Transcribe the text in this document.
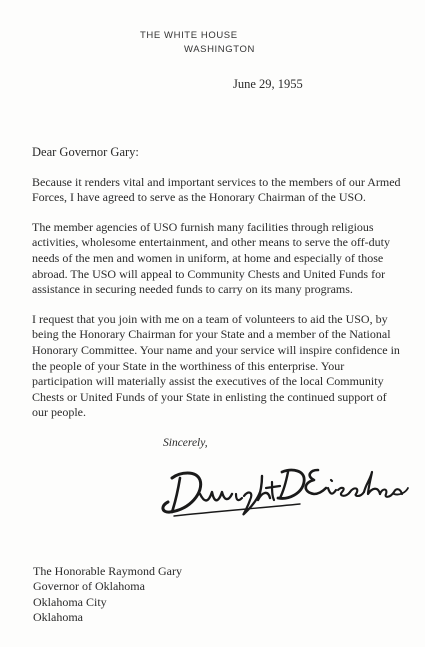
THE WHITE HOUSE
WASHINGTON
June 29, 1955

Dear Governor Gary:

Because it renders vital and important services to the members of our Armed Forces, I have agreed to serve as the Honorary Chairman of the USO.

The member agencies of USO furnish many facilities through religious activities, wholesome entertainment, and other means to serve the off-duty needs of the men and women in uniform, at home and especially of those abroad. The USO will appeal to Community Chests and United Funds for assistance in securing needed funds to carry on its many programs.

I request that you join with me on a team of volunteers to aid the USO, by being the Honorary Chairman for your State and a member of the National Honorary Committee. Your name and your service will inspire confidence in the people of your State in the worthiness of this enterprise. Your participation will materially assist the executives of the local Community Chests or United Funds of your State in enlisting the continued support of our people.

Sincerely,
The Honorable Raymond Gary
Governor of Oklahoma
Oklahoma City
Oklahoma
